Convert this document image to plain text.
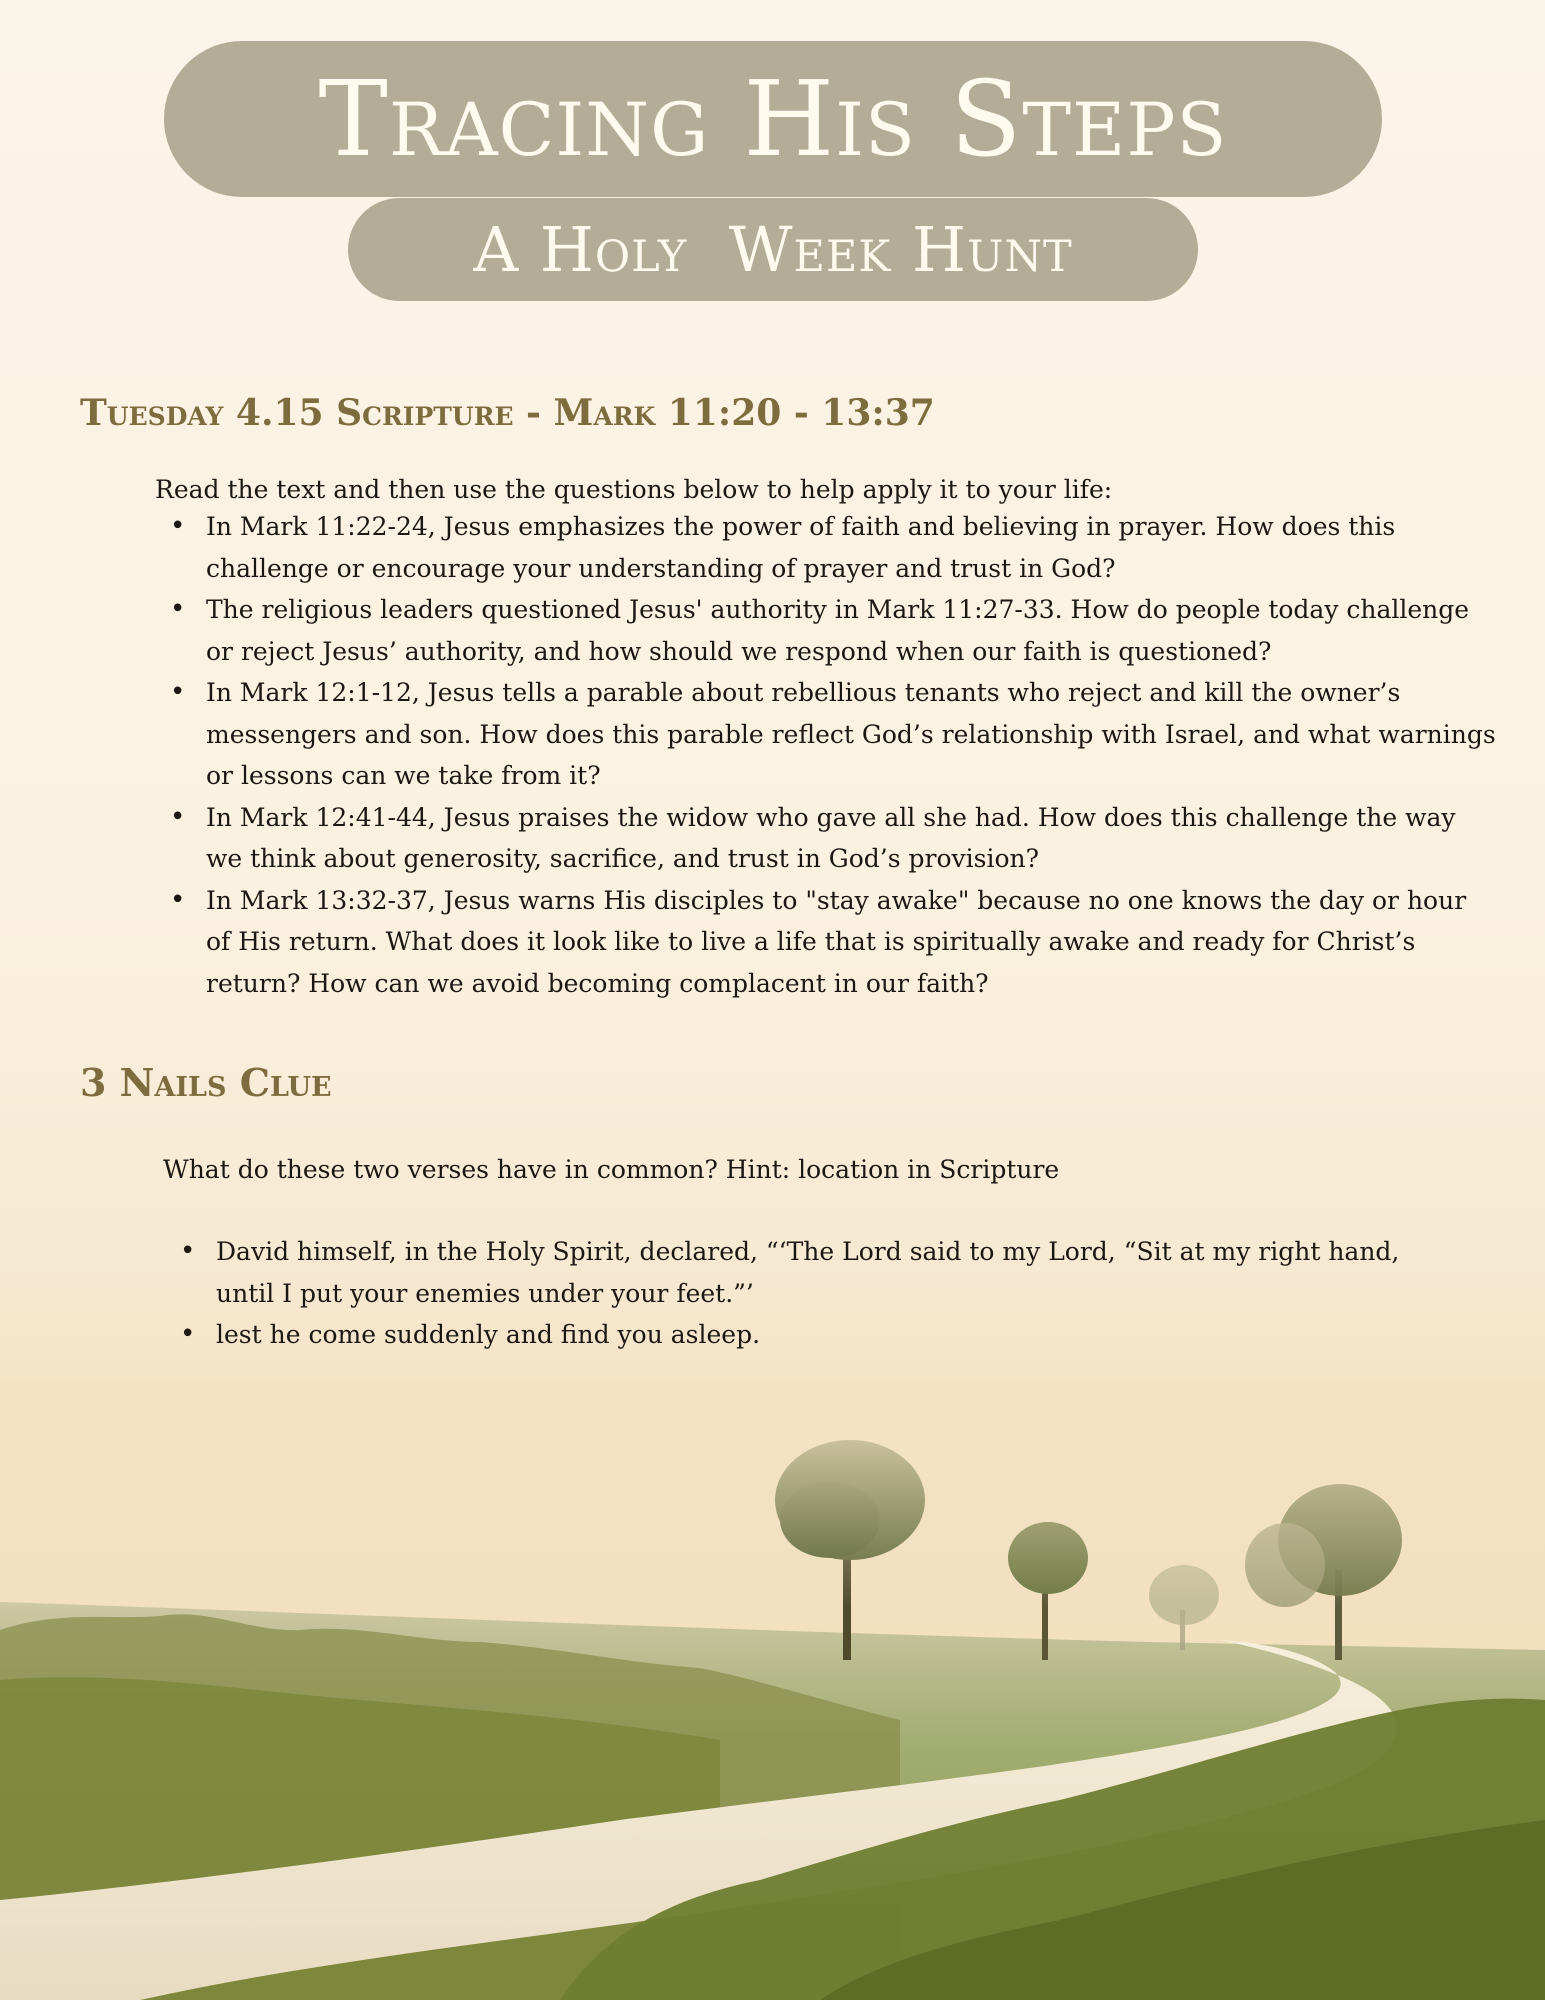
Tracing His Steps
A Holy  Week Hunt
Tuesday 4.15 Scripture - Mark 11:20 - 13:37

Read the text and then use the questions below to help apply it to your life:

• In Mark 11:22-24, Jesus emphasizes the power of faith and believing in prayer. How does this challenge or encourage your understanding of prayer and trust in God?
• The religious leaders questioned Jesus' authority in Mark 11:27-33. How do people today challenge or reject Jesus’ authority, and how should we respond when our faith is questioned?
• In Mark 12:1-12, Jesus tells a parable about rebellious tenants who reject and kill the owner’s messengers and son. How does this parable reflect God’s relationship with Israel, and what warnings or lessons can we take from it?
• In Mark 12:41-44, Jesus praises the widow who gave all she had. How does this challenge the way we think about generosity, sacrifice, and trust in God’s provision?
• In Mark 13:32-37, Jesus warns His disciples to "stay awake" because no one knows the day or hour of His return. What does it look like to live a life that is spiritually awake and ready for Christ’s return? How can we avoid becoming complacent in our faith?
3 Nails Clue

What do these two verses have in common? Hint: location in Scripture

• David himself, in the Holy Spirit, declared, “‘The Lord said to my Lord, “Sit at my right hand, until I put your enemies under your feet.”’
• lest he come suddenly and find you asleep.
